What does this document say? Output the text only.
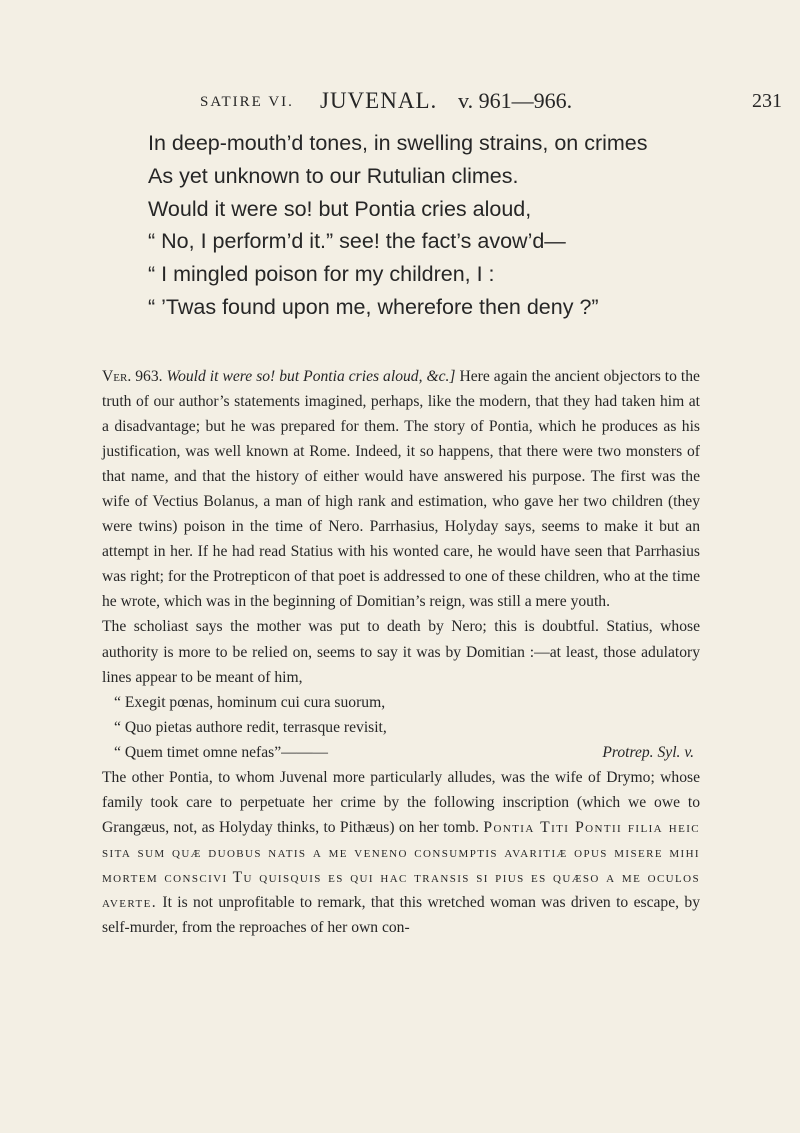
SATIRE VI. JUVENAL. v. 961—966.	231
In deep-mouth’d tones, in swelling strains, on crimes
As yet unknown to our Rutulian climes.
Would it were so! but Pontia cries aloud,
“ No, I perform’d it.” see! the fact’s avow’d—
“ I mingled poison for my children, I :
“ ’Twas found upon me, wherefore then deny ?”

Ver. 963. Would it were so! but Pontia cries aloud, &c.] Here again the ancient objectors to the truth of our author’s statements imagined, perhaps, like the modern, that they had taken him at a disadvantage; but he was prepared for them. The story of Pontia, which he produces as his justification, was well known at Rome. Indeed, it so happens, that there were two monsters of that name, and that the history of either would have answered his purpose. The first was the wife of Vectius Bolanus, a man of high rank and estimation, who gave her two children (they were twins) poison in the time of Nero. Parrhasius, Holyday says, seems to make it but an attempt in her. If he had read Statius with his wonted care, he would have seen that Parrhasius was right; for the Protrepticon of that poet is addressed to one of these children, who at the time he wrote, which was in the beginning of Domitian’s reign, was still a mere youth.

The scholiast says the mother was put to death by Nero; this is doubtful. Statius, whose authority is more to be relied on, seems to say it was by Domitian :—at least, those adulatory lines appear to be meant of him,

“ Exegit pœnas, hominum cui cura suorum,
“ Quo pietas authore redit, terrasque revisit,
“ Quem timet omne nefas”———	Protrep. Syl. v.

The other Pontia, to whom Juvenal more particularly alludes, was the wife of Drymo; whose family took care to perpetuate her crime by the following inscription (which we owe to Grangæus, not, as Holyday thinks, to Pithæus) on her tomb. Pontia Titi Pontii filia heic sita sum quæ duobus natis a me veneno consumptis avaritiæ opus misere mihi mortem conscivi Tu quisquis es qui hac transis si pius es quæso a me oculos averte. It is not unprofitable to remark, that this wretched woman was driven to escape, by self-murder, from the reproaches of her own con-
